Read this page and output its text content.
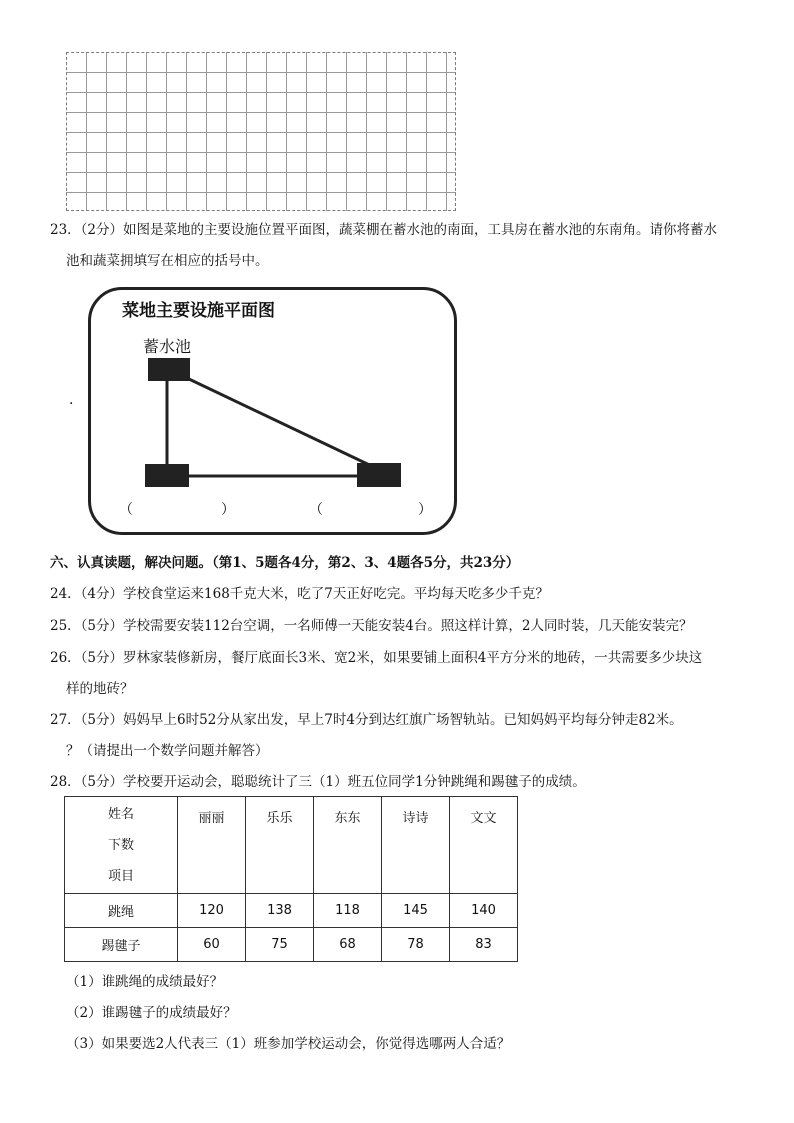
23．（2分）如图是菜地的主要设施位置平面图，蔬菜棚在蓄水池的南面，工具房在蓄水池的东南角。请你将蓄水
池和蔬菜拥填写在相应的括号中。
·
菜地主要设施平面图
蓄水池
（	）	（	）
六、认真读题，解决问题。（第1、5题各4分，第2、3、4题各5分，共23分）
24．（4分）学校食堂运来168千克大米，吃了7天正好吃完。平均每天吃多少千克？
25．（5分）学校需要安装112台空调，一名师傅一天能安装4台。照这样计算，2人同时装，几天能安装完？
26．（5分）罗林家装修新房，餐厅底面长3米、宽2米，如果要铺上面积4平方分米的地砖，一共需要多少块这
样的地砖？
27．（5分）妈妈早上6时52分从家出发，早上7时4分到达红旗广场智轨站。已知妈妈平均每分钟走82米。
？（请提出一个数学问题并解答）
28．（5分）学校要开运动会，聪聪统计了三（1）班五位同学1分钟跳绳和踢毽子的成绩。
姓名
下数
项目	丽丽	乐乐	东东	诗诗	文文
跳绳	120	138	118	145	140
踢毽子	60	75	68	78	83
（1）谁跳绳的成绩最好？
（2）谁踢毽子的成绩最好？
（3）如果要选2人代表三（1）班参加学校运动会，你觉得选哪两人合适？
